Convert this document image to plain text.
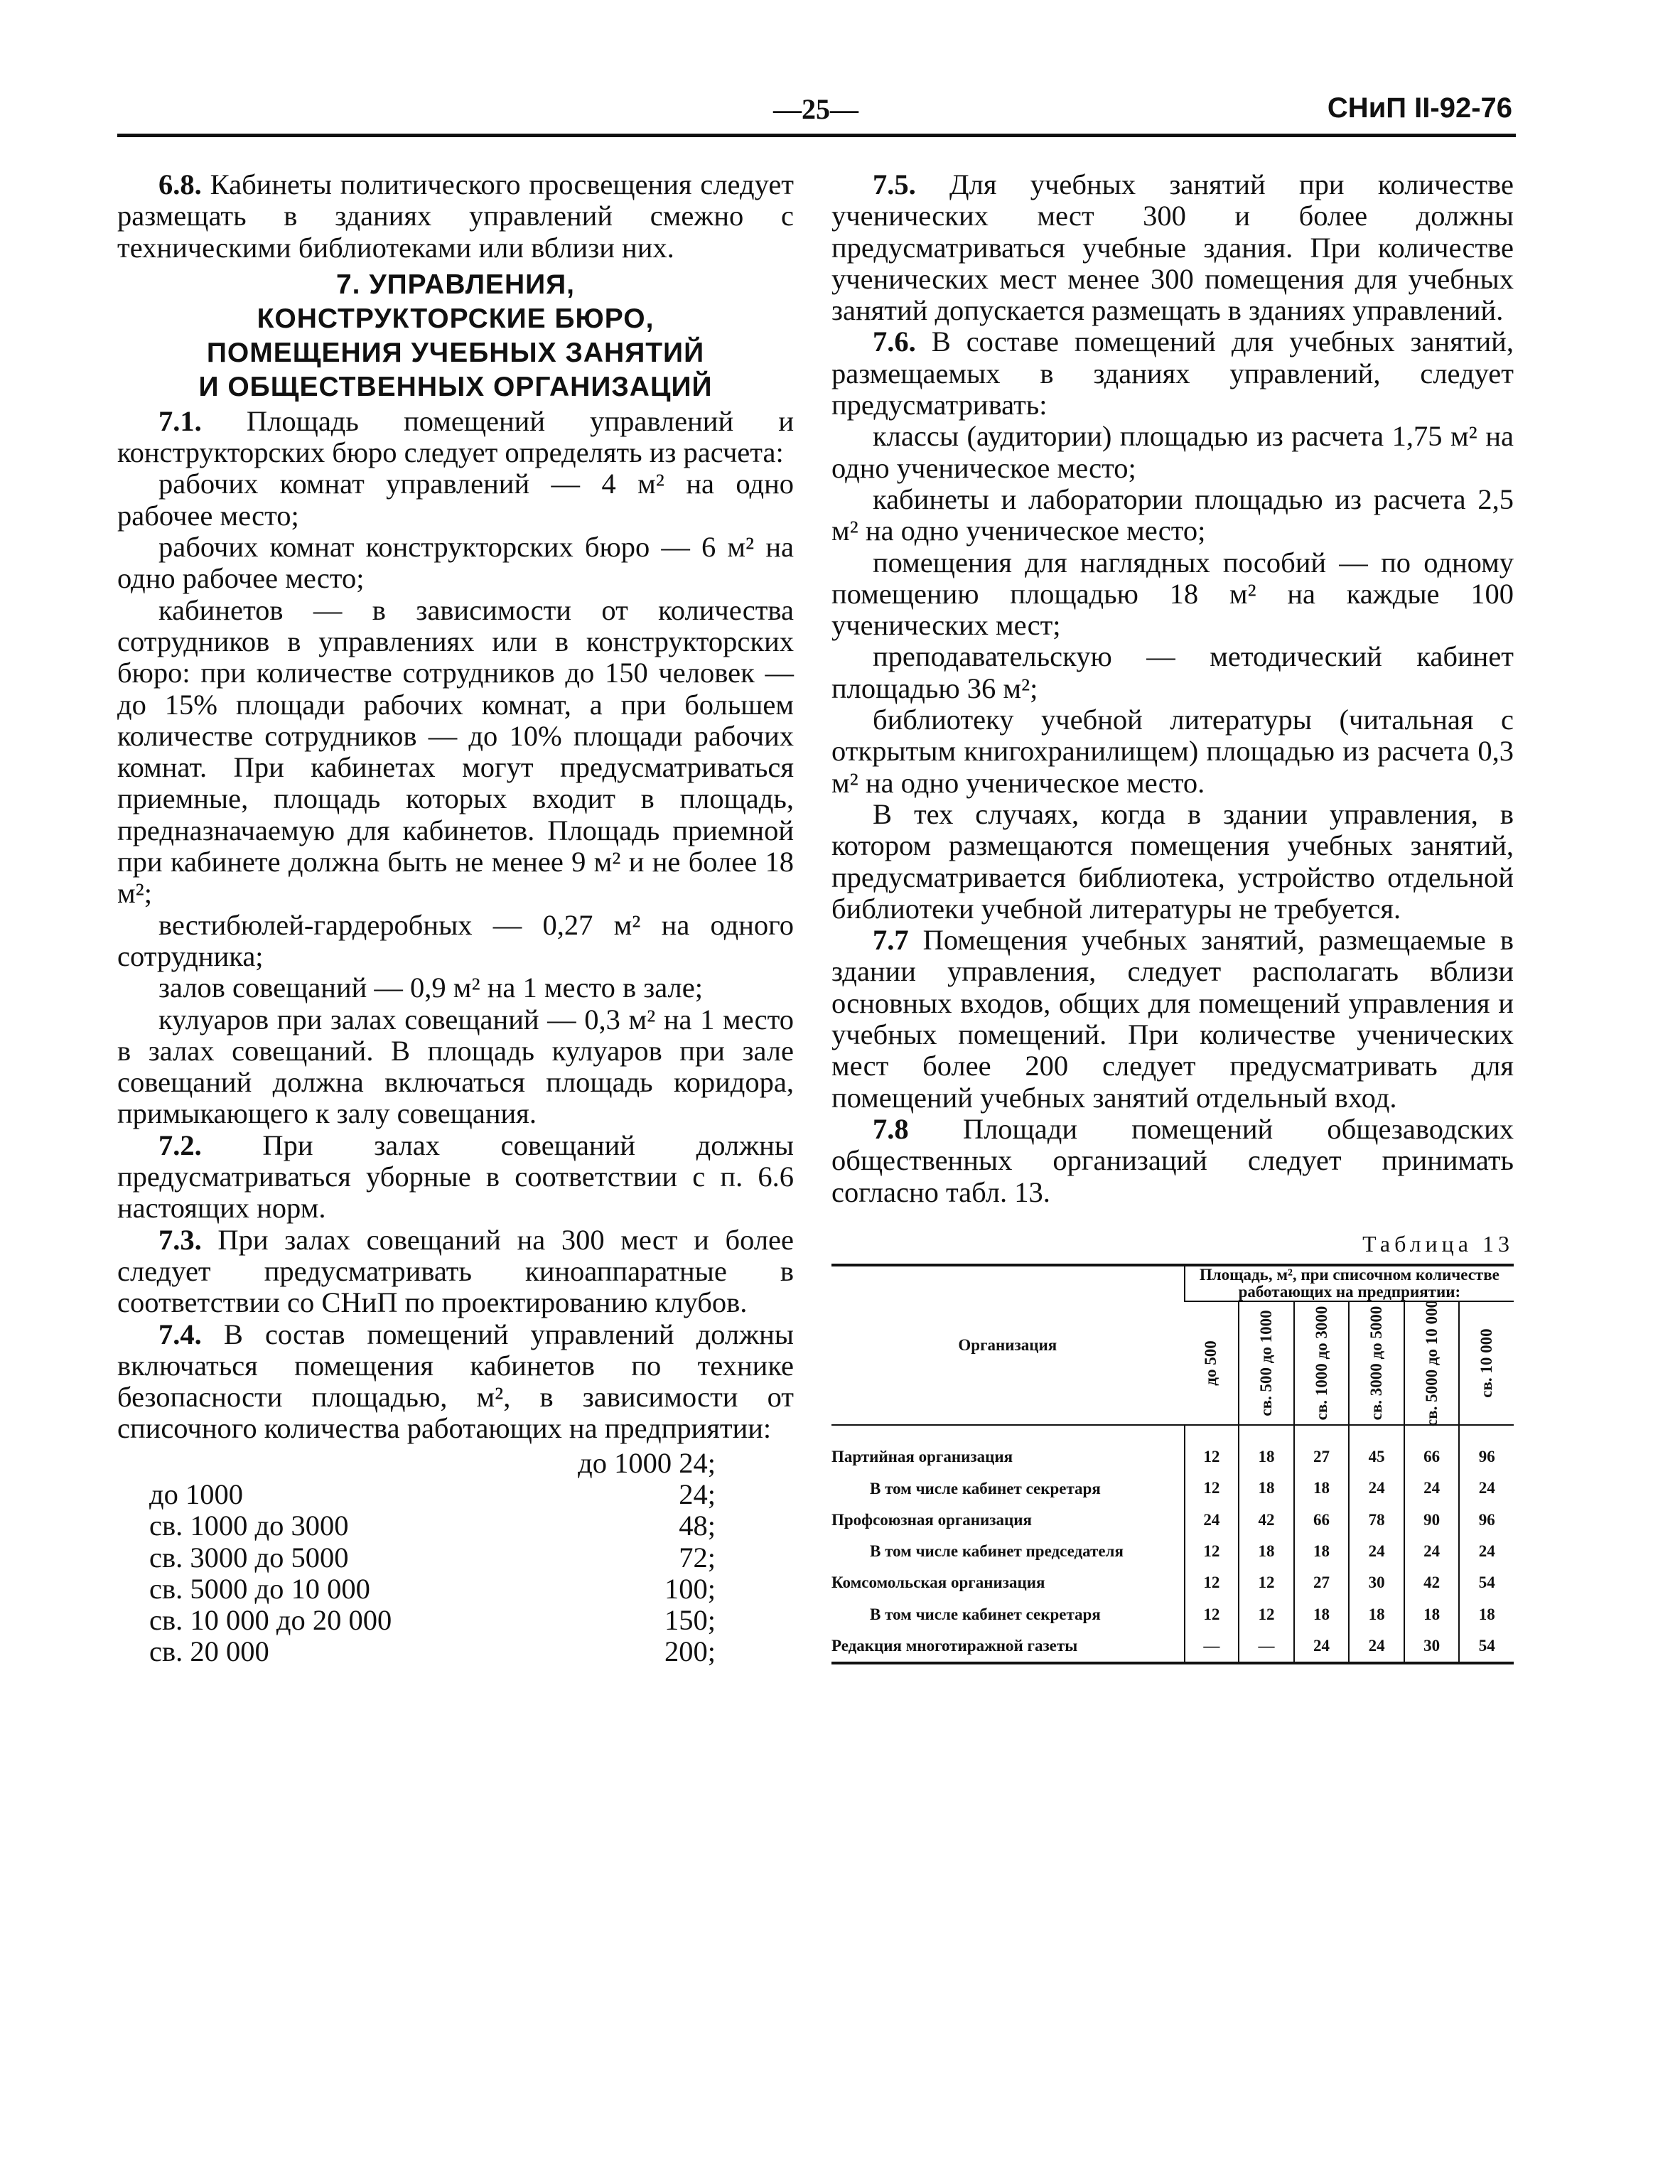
—25—	СНиП II-92-76

6.8. Кабинеты политического просвещения следует размещать в зданиях управлений смежно с техническими библиотеками или вблизи них.

7. УПРАВЛЕНИЯ,
КОНСТРУКТОРСКИЕ БЮРО,
ПОМЕЩЕНИЯ УЧЕБНЫХ ЗАНЯТИЙ
И ОБЩЕСТВЕННЫХ ОРГАНИЗАЦИЙ

7.1. Площадь помещений управлений и конструкторских бюро следует определять из расчета:

рабочих комнат управлений — 4 м² на одно рабочее место;

рабочих комнат конструкторских бюро — 6 м² на одно рабочее место;

кабинетов — в зависимости от количества сотрудников в управлениях или в конструкторских бюро: при количестве сотрудников до 150 человек — до 15% площади рабочих комнат, а при большем количестве сотрудников — до 10% площади рабочих комнат. При кабинетах могут предусматриваться приемные, площадь которых входит в площадь, предназначаемую для кабинетов. Площадь приемной при кабинете должна быть не менее 9 м² и не более 18 м²;

вестибюлей-гардеробных — 0,27 м² на одного сотрудника;

залов совещаний — 0,9 м² на 1 место в зале;

кулуаров при залах совещаний — 0,3 м² на 1 место в залах совещаний. В площадь кулуаров при зале совещаний должна включаться площадь коридора, примыкающего к залу совещания.

7.2. При залах совещаний должны предусматриваться уборные в соответствии с п. 6.6 настоящих норм.

7.3. При залах совещаний на 300 мест и более следует предусматривать киноаппаратные в соответствии со СНиП по проектированию клубов.

7.4. В состав помещений управлений должны включаться помещения кабинетов по технике безопасности площадью, м², в зависимости от списочного количества работающих на предприятии:

до 1000 24;
до 1000	24;
св. 1000 до 3000	48;
св. 3000 до 5000	72;
св. 5000 до 10 000	100;
св. 10 000 до 20 000	150;
св. 20 000	200;

7.5. Для учебных занятий при количестве ученических мест 300 и более должны предусматриваться учебные здания. При количестве ученических мест менее 300 помещения для учебных занятий допускается размещать в зданиях управлений.

7.6. В составе помещений для учебных занятий, размещаемых в зданиях управлений, следует предусматривать:

классы (аудитории) площадью из расчета 1,75 м² на одно ученическое место;

кабинеты и лаборатории площадью из расчета 2,5 м² на одно ученическое место;

помещения для наглядных пособий — по одному помещению площадью 18 м² на каждые 100 ученических мест;

преподавательскую — методический кабинет площадью 36 м²;

библиотеку учебной литературы (читальная с открытым книгохранилищем) площадью из расчета 0,3 м² на одно ученическое место.

В тех случаях, когда в здании управления, в котором размещаются помещения учебных занятий, предусматривается библиотека, устройство отдельной библиотеки учебной литературы не требуется.

7.7 Помещения учебных занятий, размещаемые в здании управления, следует располагать вблизи основных входов, общих для помещений управления и учебных помещений. При количестве ученических мест более 200 следует предусматривать для помещений учебных занятий отдельный вход.

7.8 Площади помещений общезаводских общественных организаций следует принимать согласно табл. 13.

Таблица 13
Организация	Площадь, м², при списочном количестве работающих на предприятии:					

	до 500	св. 500 до 1000	св. 1000 до 3000	св. 3000 до 5000	св. 5000 до 10 000	св. 10 000

Партийная организация	12	18	27	45	66	96
В том числе кабинет секретаря	12	18	18	24	24	24
Профсоюзная организация	24	42	66	78	90	96
В том числе кабинет председателя	12	18	18	24	24	24
Комсомольская организация	12	12	27	30	42	54
В том числе кабинет секретаря	12	12	18	18	18	18
Редакция многотиражной газеты	—	—	24	24	30	54
